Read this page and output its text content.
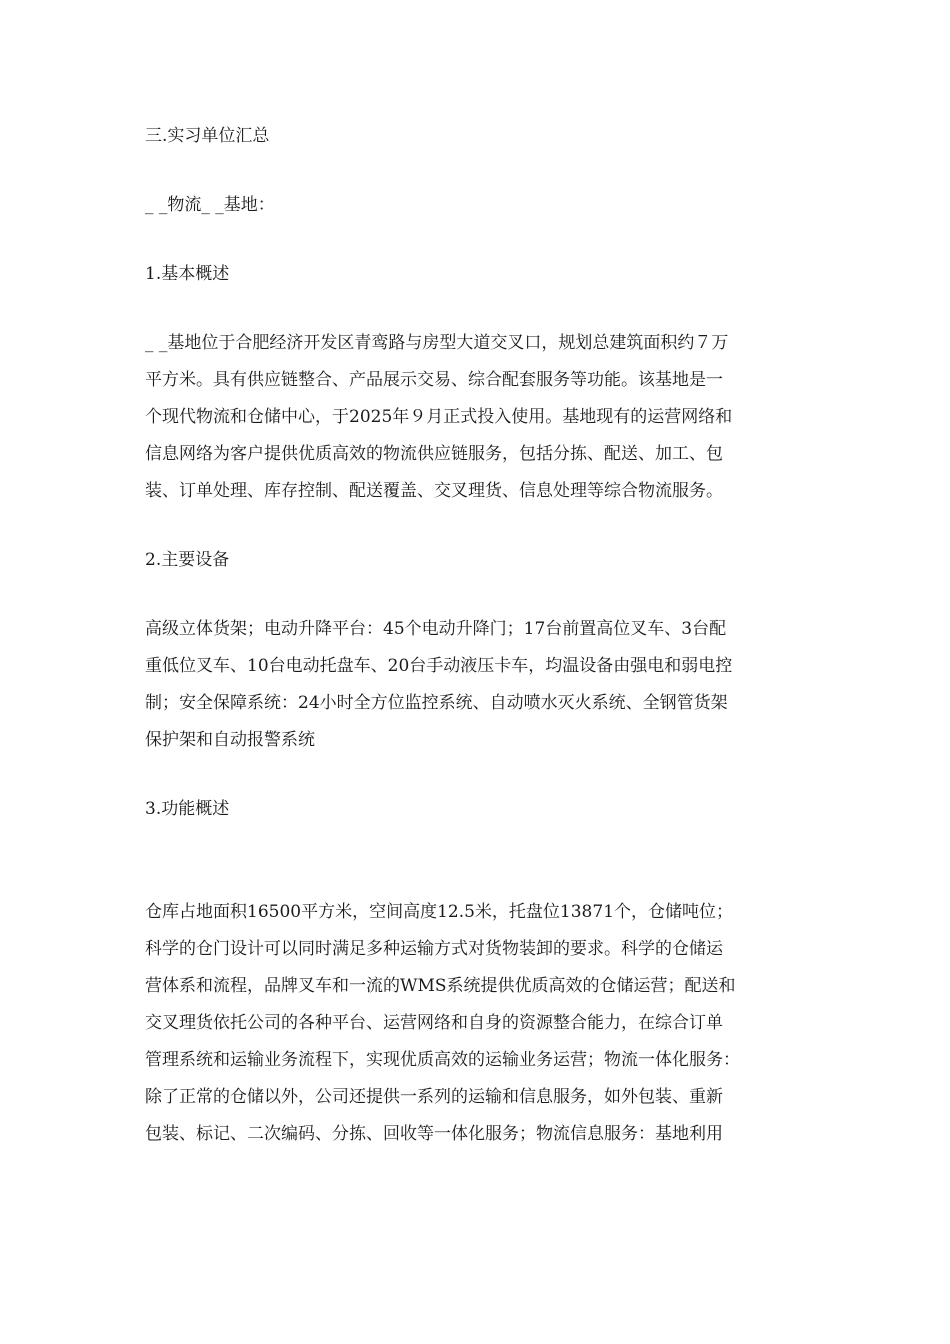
三.实习单位汇总
_ _物流_ _基地：
1.基本概述
_ _基地位于合肥经济开发区青鸾路与房型大道交叉口，规划总建筑面积约７万
平方米。具有供应链整合、产品展示交易、综合配套服务等功能。该基地是一
个现代物流和仓储中心，于2025年９月正式投入使用。基地现有的运营网络和
信息网络为客户提供优质高效的物流供应链服务，包括分拣、配送、加工、包
装、订单处理、库存控制、配送覆盖、交叉理货、信息处理等综合物流服务。
2.主要设备
高级立体货架；电动升降平台：45个电动升降门；17台前置高位叉车、3台配
重低位叉车、10台电动托盘车、20台手动液压卡车，均温设备由强电和弱电控
制；安全保障系统：24小时全方位监控系统、自动喷水灭火系统、全钢管货架
保护架和自动报警系统
3.功能概述
仓库占地面积16500平方米，空间高度12.5米，托盘位13871个，仓储吨位；
科学的仓门设计可以同时满足多种运输方式对货物装卸的要求。科学的仓储运
营体系和流程，品牌叉车和一流的WMS系统提供优质高效的仓储运营；配送和
交叉理货依托公司的各种平台、运营网络和自身的资源整合能力，在综合订单
管理系统和运输业务流程下，实现优质高效的运输业务运营；物流一体化服务：
除了正常的仓储以外，公司还提供一系列的运输和信息服务，如外包装、重新
包装、标记、二次编码、分拣、回收等一体化服务；物流信息服务：基地利用
